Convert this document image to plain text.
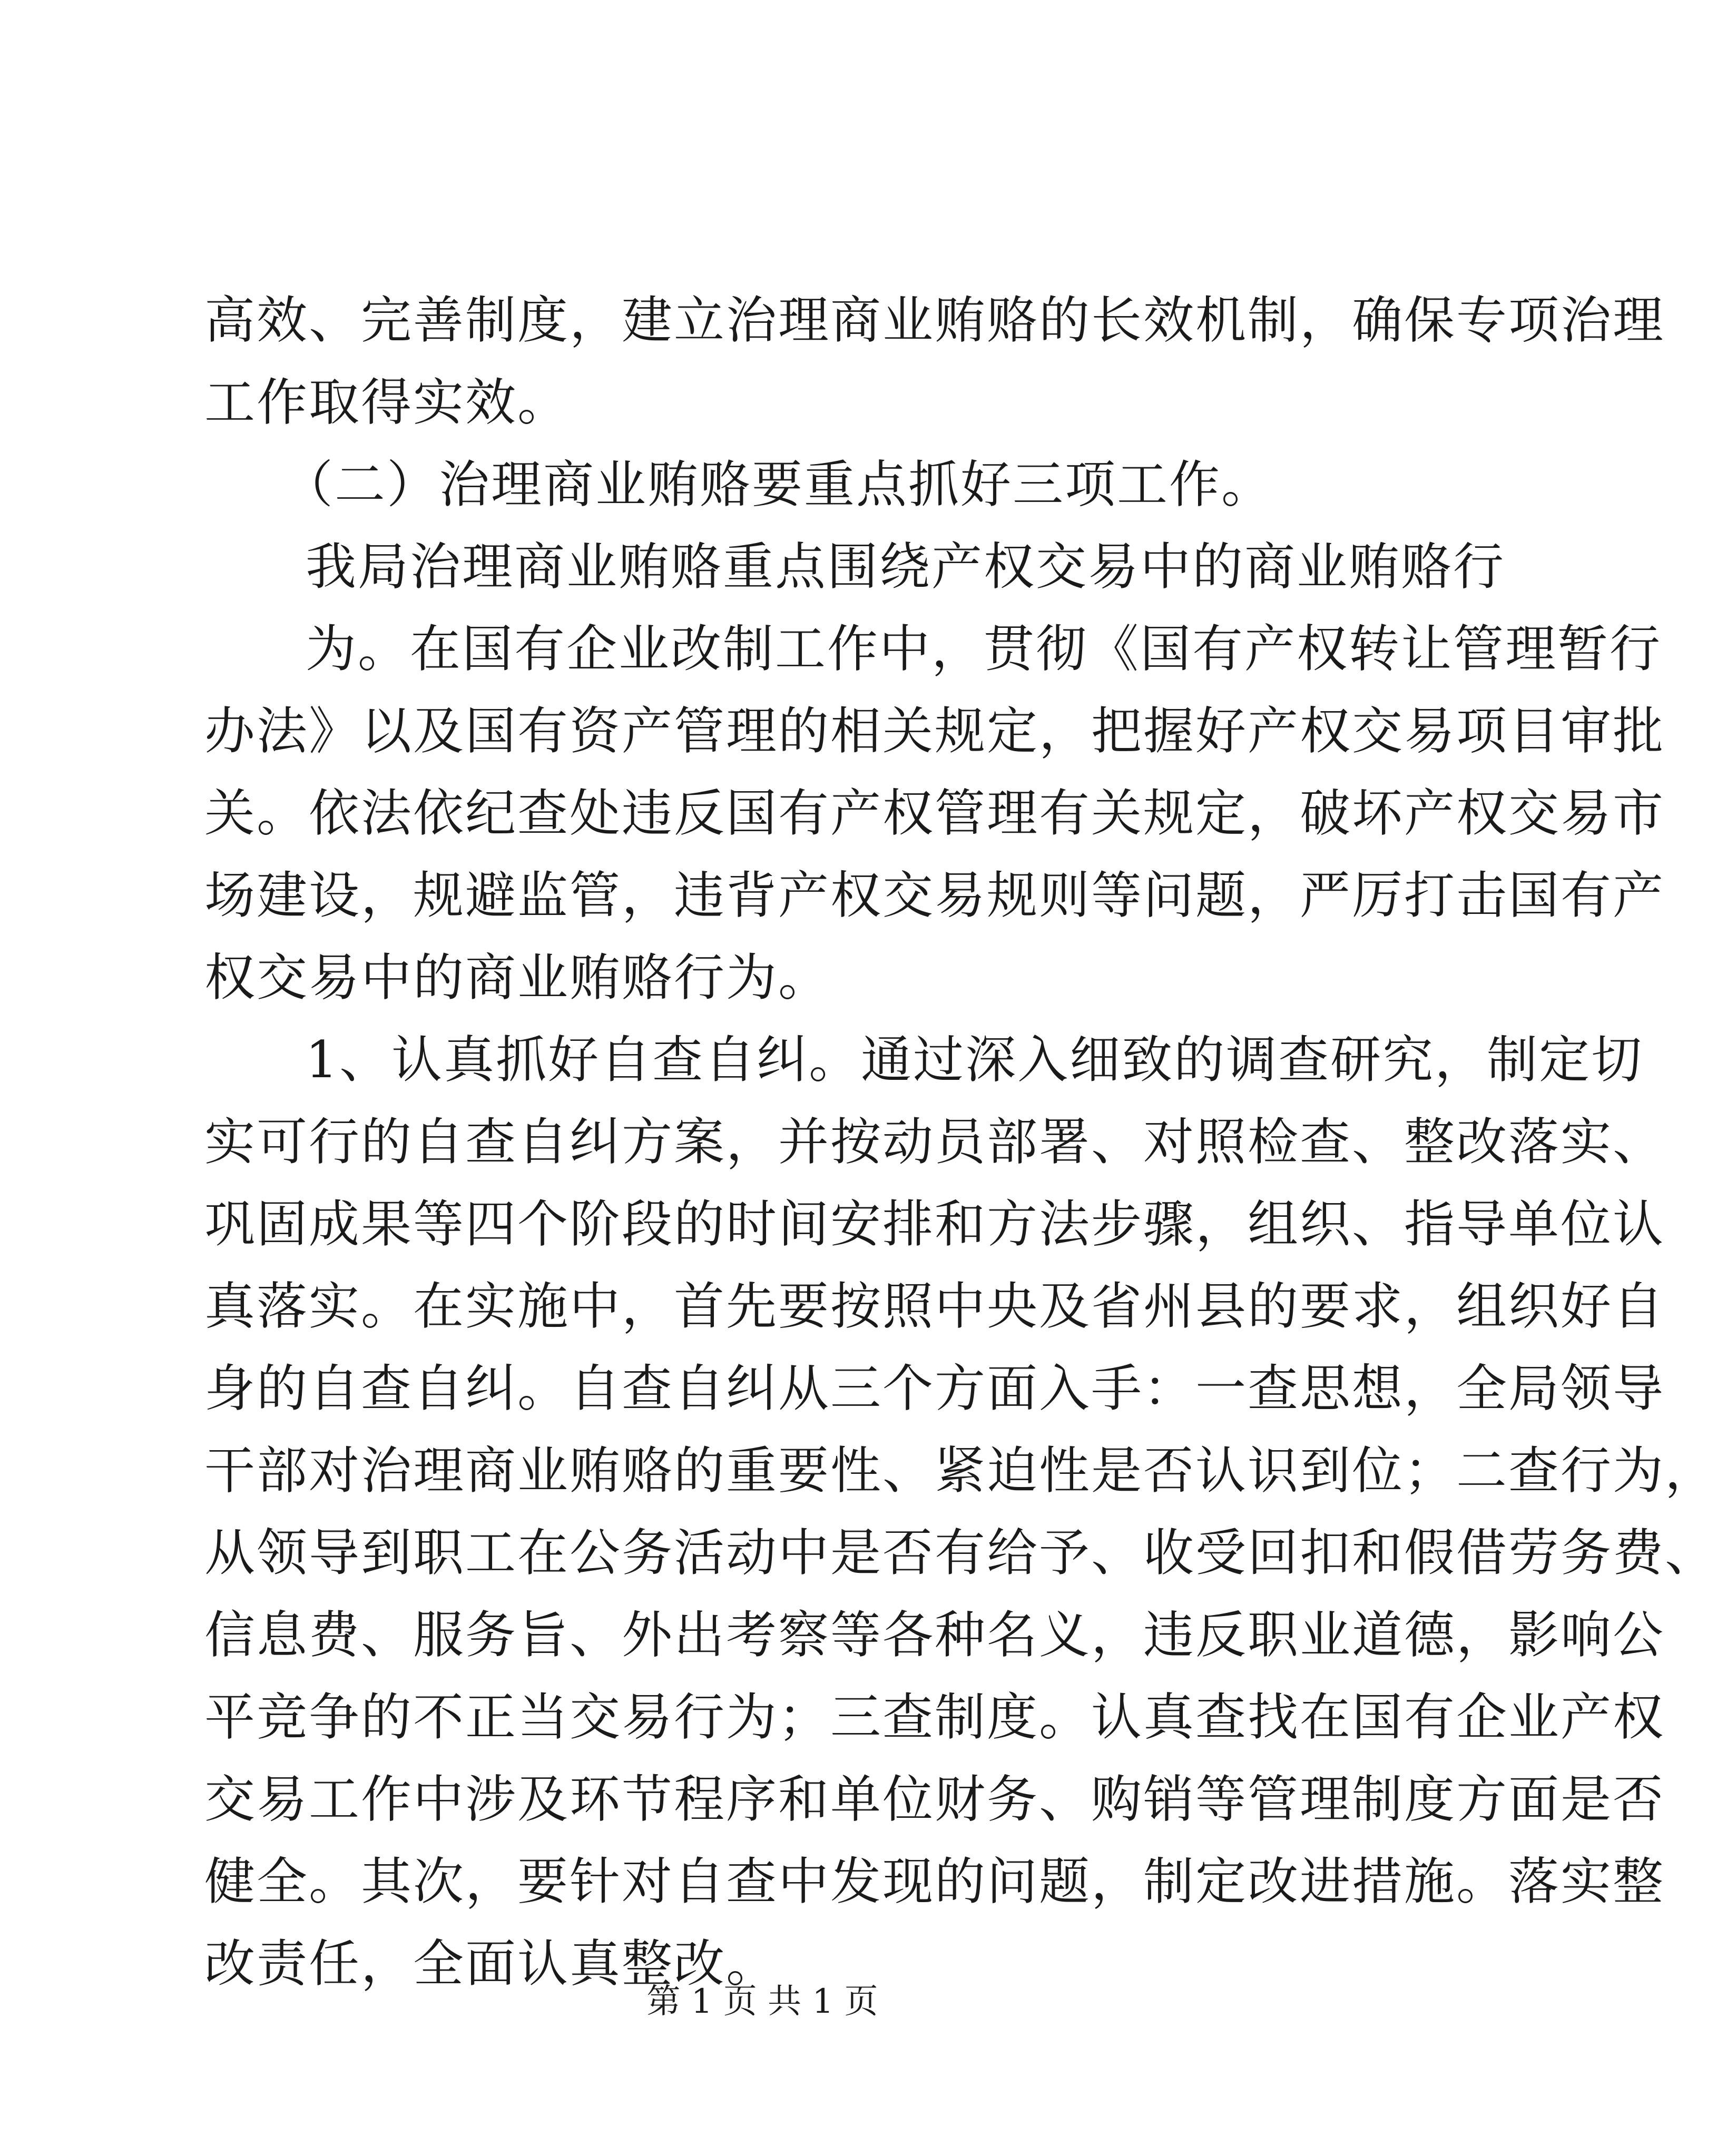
高效、完善制度，建立治理商业贿赂的长效机制，确保专项治理
工作取得实效。
（二）治理商业贿赂要重点抓好三项工作。
我局治理商业贿赂重点围绕产权交易中的商业贿赂行
为。在国有企业改制工作中，贯彻《国有产权转让管理暂行
办法》以及国有资产管理的相关规定，把握好产权交易项目审批
关。依法依纪查处违反国有产权管理有关规定，破坏产权交易市
场建设，规避监管，违背产权交易规则等问题，严厉打击国有产
权交易中的商业贿赂行为。
1、认真抓好自查自纠。通过深入细致的调查研究，制定切
实可行的自查自纠方案，并按动员部署、对照检查、整改落实、
巩固成果等四个阶段的时间安排和方法步骤，组织、指导单位认
真落实。在实施中，首先要按照中央及省州县的要求，组织好自
身的自查自纠。自查自纠从三个方面入手：一查思想，全局领导
干部对治理商业贿赂的重要性、紧迫性是否认识到位；二查行为，
从领导到职工在公务活动中是否有给予、收受回扣和假借劳务费、
信息费、服务旨、外出考察等各种名义，违反职业道德，影响公
平竞争的不正当交易行为；三查制度。认真查找在国有企业产权
交易工作中涉及环节程序和单位财务、购销等管理制度方面是否
健全。其次，要针对自查中发现的问题，制定改进措施。落实整
改责任，全面认真整改。
第 1 页 共 1 页
